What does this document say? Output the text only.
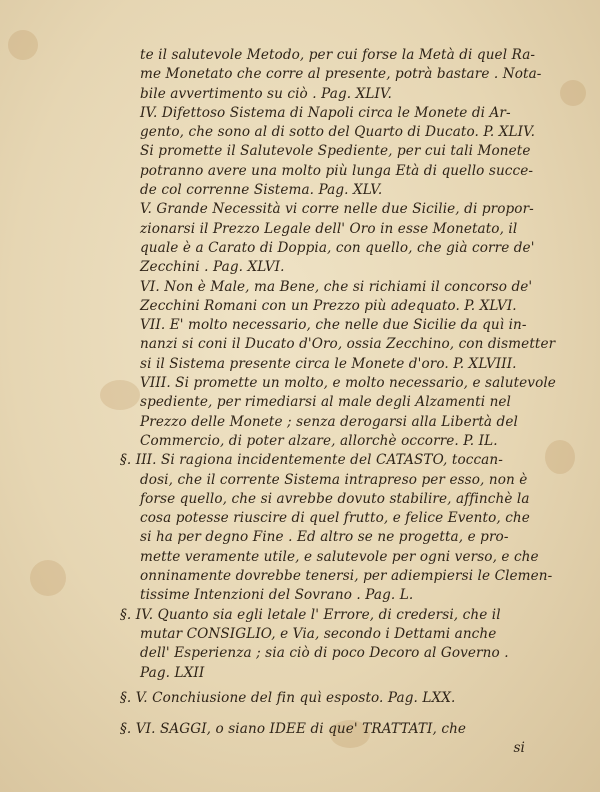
te il salutevole Metodo, per cui forse la Metà di quel Ra-
me Monetato che corre al presente, potrà bastare . Nota-
bile avvertimento su ciò . Pag. XLIV.
IV. Difettoso Sistema di Napoli circa le Monete di Ar-
gento, che sono al di sotto del Quarto di Ducato. P. XLIV.
Si promette il Salutevole Spediente, per cui tali Monete
potranno avere una molto più lunga Età di quello succe-
de col correnne Sistema. Pag. XLV.
V. Grande Necessità vi corre nelle due Sicilie, di propor-
zionarsi il Prezzo Legale dell' Oro in esse Monetato, il
quale è a Carato di Doppia, con quello, che già corre de'
Zecchini . Pag. XLVI.
VI. Non è Male, ma Bene, che si richiami il concorso de'
Zecchini Romani con un Prezzo più adequato. P. XLVI.
VII. E' molto necessario, che nelle due Sicilie da quì in-
nanzi si coni il Ducato d'Oro, ossia Zecchino, con dismetter
si il Sistema presente circa le Monete d'oro. P. XLVIII.
VIII. Si promette un molto, e molto necessario, e salutevole
spediente, per rimediarsi al male degli Alzamenti nel
Prezzo delle Monete ; senza derogarsi alla Libertà del
Commercio, di poter alzare, allorchè occorre. P. IL.
§. III. Si ragiona incidentemente del CATASTO, toccan-
dosi, che il corrente Sistema intrapreso per esso, non è
forse quello, che si avrebbe dovuto stabilire, affinchè la
cosa potesse riuscire di quel frutto, e felice Evento, che
si ha per degno Fine . Ed altro se ne progetta, e pro-
mette veramente utile, e salutevole per ogni verso, e che
onninamente dovrebbe tenersi, per adiempiersi le Clemen-
tissime Intenzioni del Sovrano . Pag. L.
§. IV. Quanto sia egli letale l' Errore, di credersi, che il
mutar CONSIGLIO, e Via, secondo i Dettami anche
dell' Esperienza ; sia ciò di poco Decoro al Governo .
Pag. LXII
§. V. Conchiusione del fin quì esposto. Pag. LXX.
§. VI. SAGGI, o siano IDEE di que' TRATTATI, che
si
